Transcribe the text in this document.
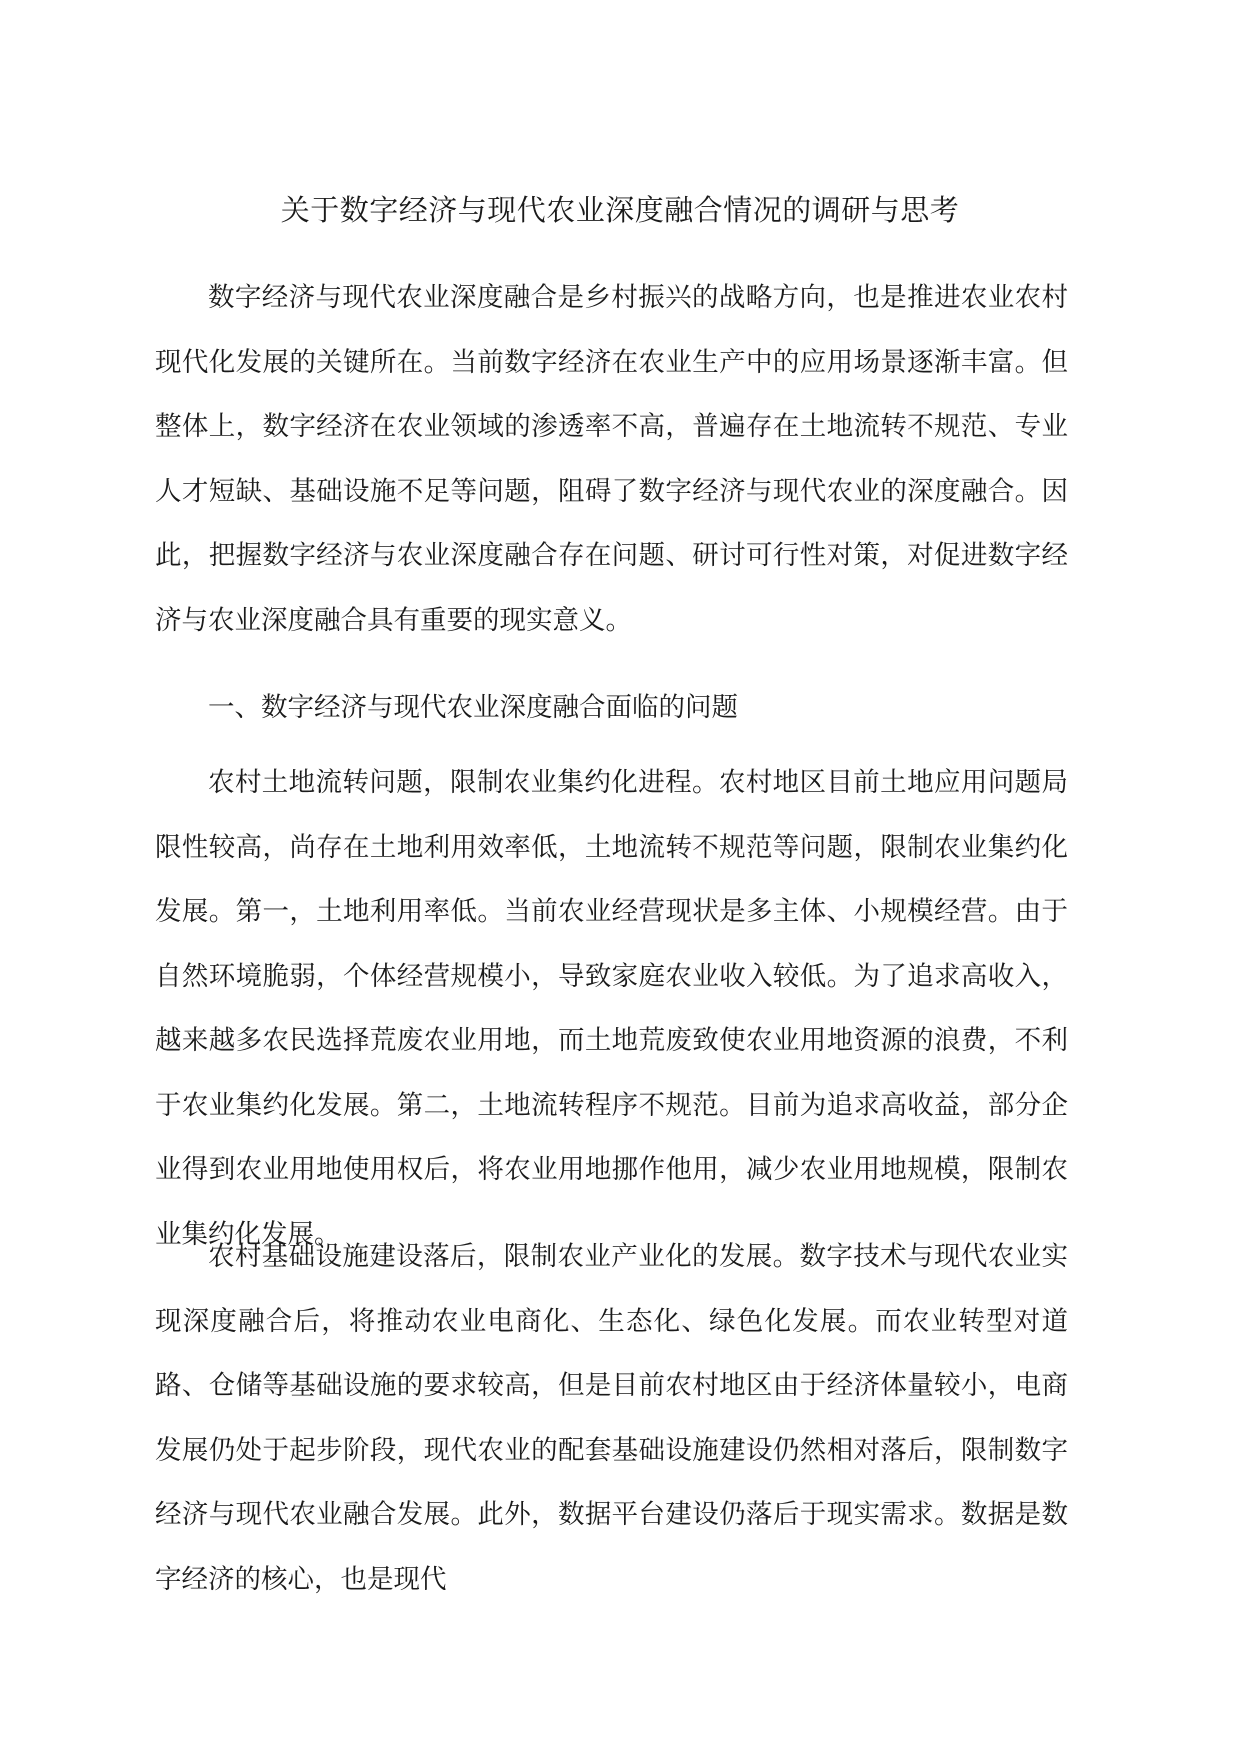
关于数字经济与现代农业深度融合情况的调研与思考

数字经济与现代农业深度融合是乡村振兴的战略方向，也是推进农业农村现代化发展的关键所在。当前数字经济在农业生产中的应用场景逐渐丰富。但整体上，数字经济在农业领域的渗透率不高，普遍存在土地流转不规范、专业人才短缺、基础设施不足等问题，阻碍了数字经济与现代农业的深度融合。因此，把握数字经济与农业深度融合存在问题、研讨可行性对策，对促进数字经济与农业深度融合具有重要的现实意义。

一、数字经济与现代农业深度融合面临的问题

农村土地流转问题，限制农业集约化进程。农村地区目前土地应用问题局限性较高，尚存在土地利用效率低，土地流转不规范等问题，限制农业集约化发展。第一，土地利用率低。当前农业经营现状是多主体、小规模经营。由于自然环境脆弱，个体经营规模小，导致家庭农业收入较低。为了追求高收入，越来越多农民选择荒废农业用地，而土地荒废致使农业用地资源的浪费，不利于农业集约化发展。第二，土地流转程序不规范。目前为追求高收益，部分企业得到农业用地使用权后，将农业用地挪作他用，减少农业用地规模，限制农业集约化发展。

农村基础设施建设落后，限制农业产业化的发展。数字技术与现代农业实现深度融合后，将推动农业电商化、生态化、绿色化发展。而农业转型对道路、仓储等基础设施的要求较高，但是目前农村地区由于经济体量较小，电商发展仍处于起步阶段，现代农业的配套基础设施建设仍然相对落后，限制数字经济与现代农业融合发展。此外，数据平台建设仍落后于现实需求。数据是数字经济的核心，也是现代
